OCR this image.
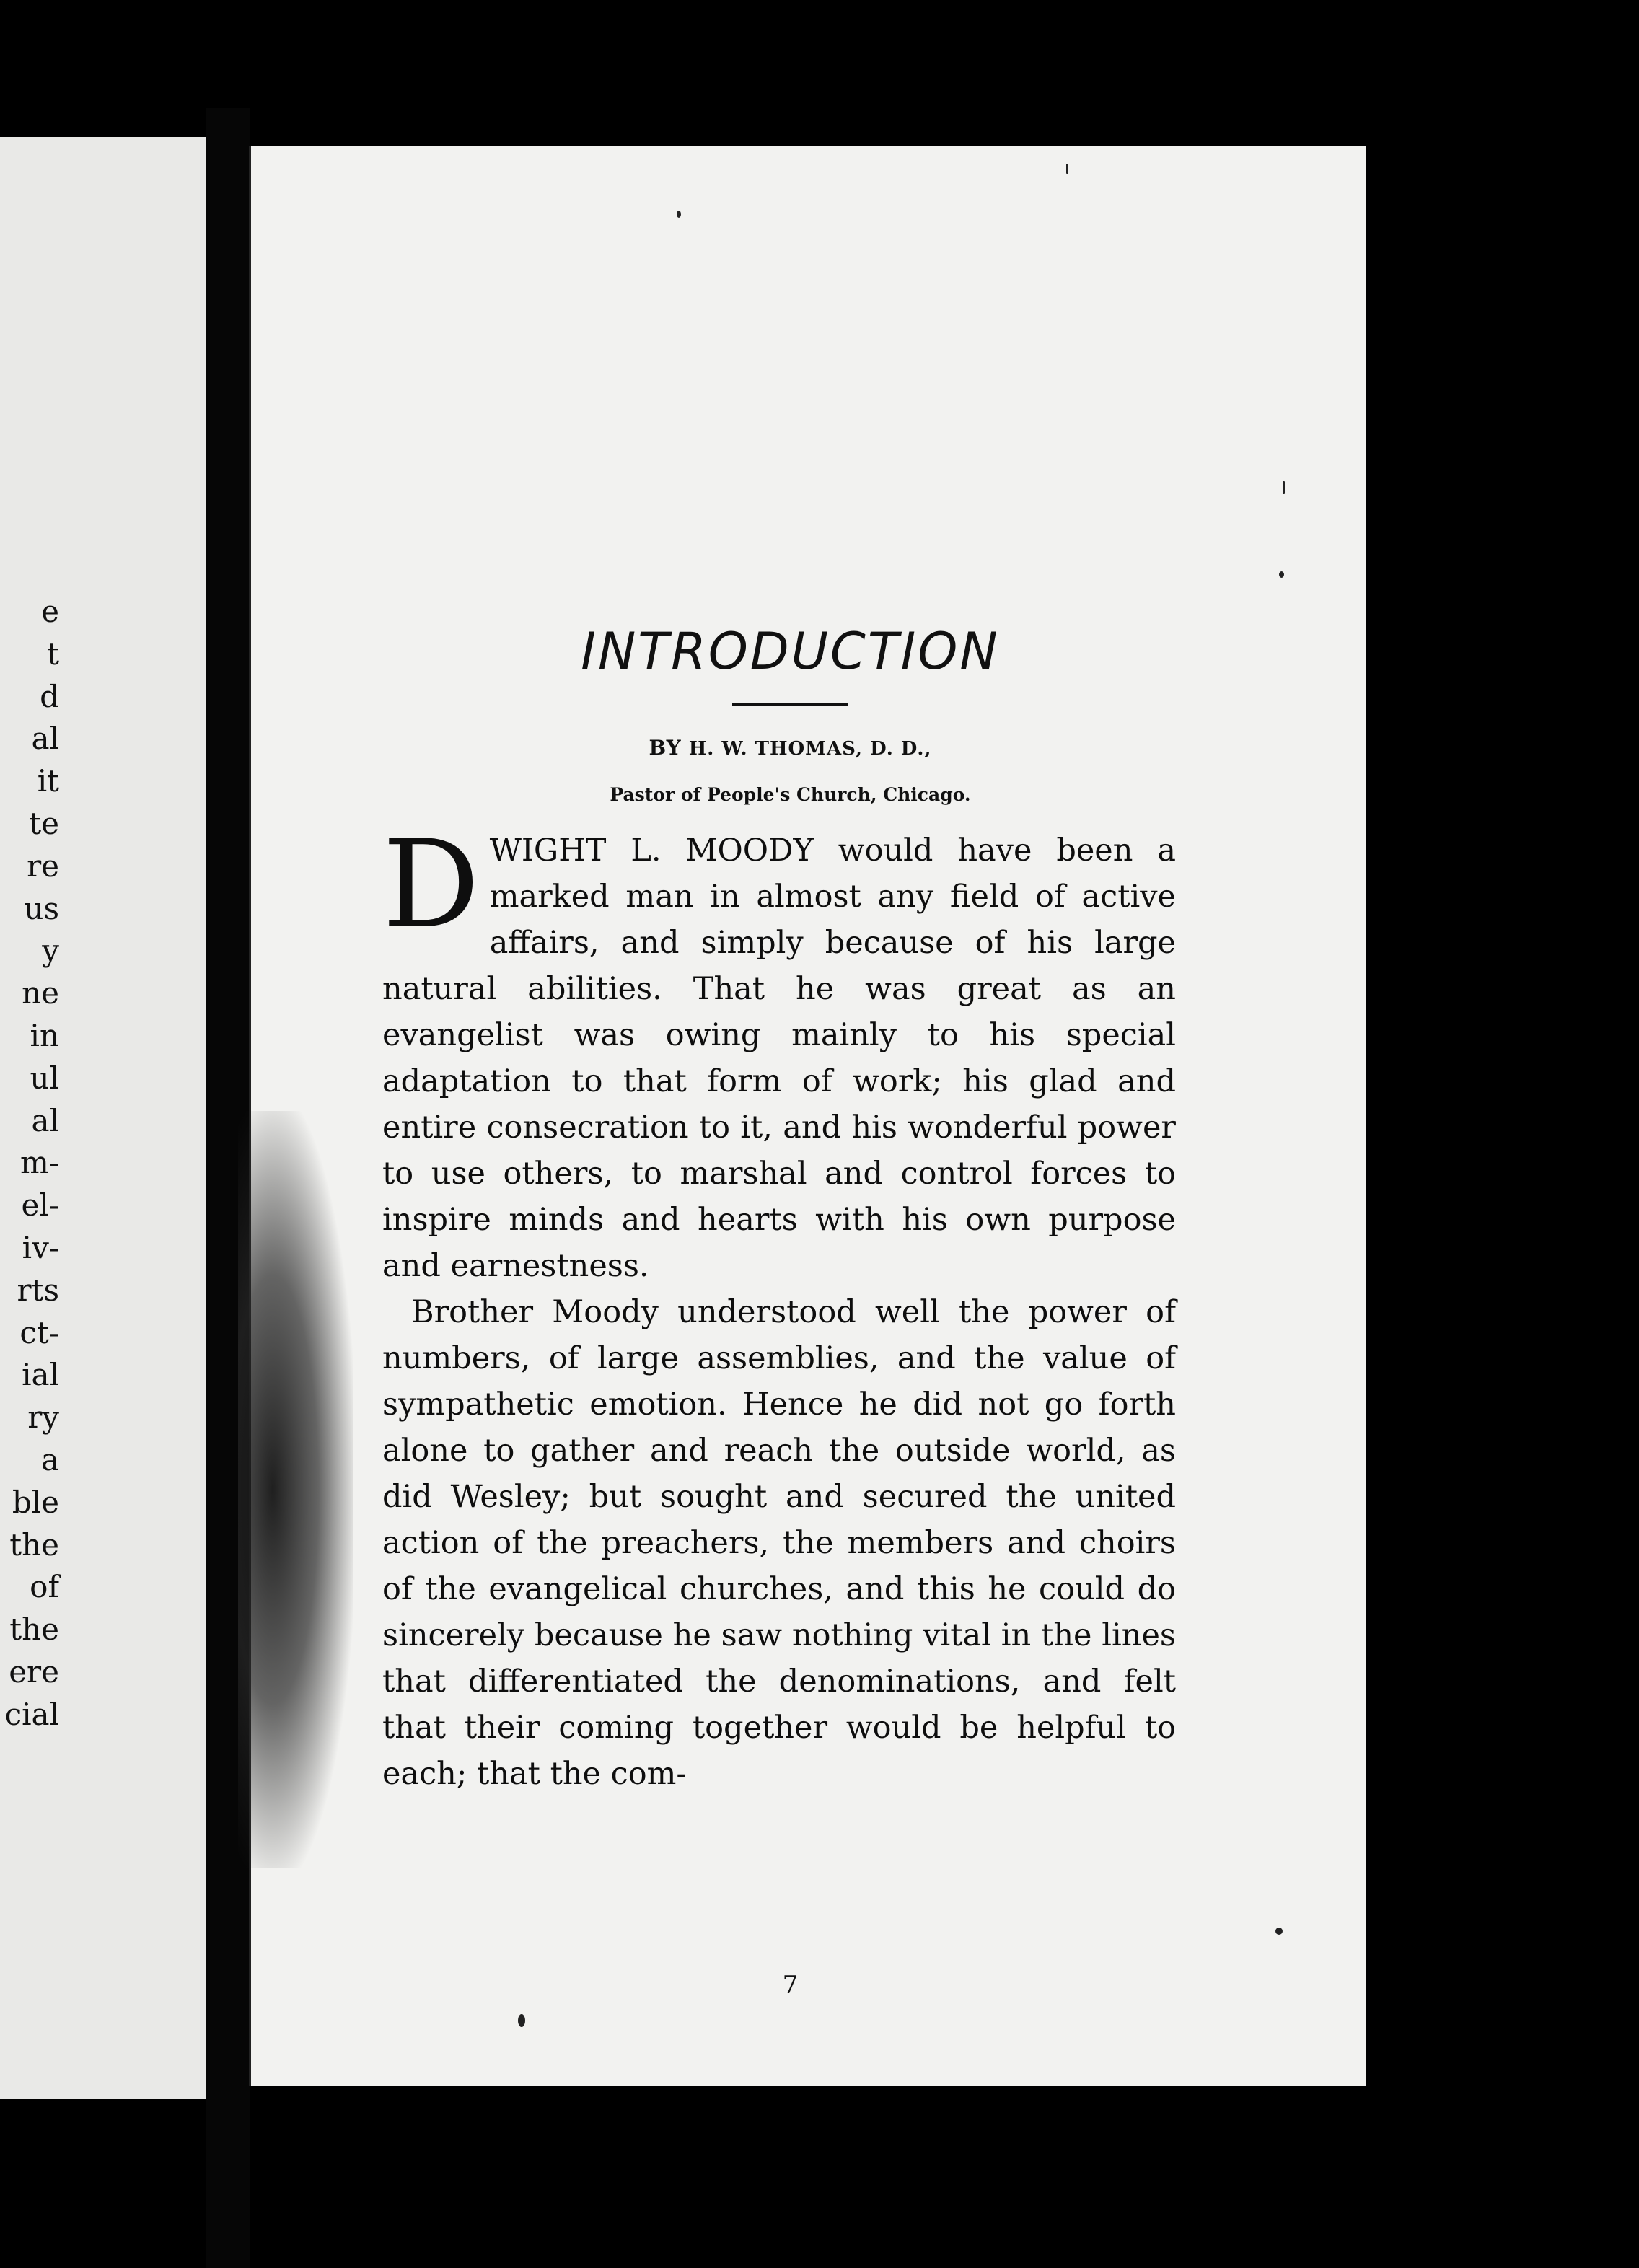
e
t
d
al
it
te
re
us
y
ne
in
ul
al
m-
el-
iv-
rts
ct-
ial
ry
a
ble
the
of
the
ere
cial
INTRODUCTION
BY H. W. THOMAS, D. D.,
Pastor of People's Church, Chicago.

DWIGHT L. MOODY would have been a marked man in almost any field of active affairs, and simply because of his large natural abilities. That he was great as an evangelist was owing mainly to his special adaptation to that form of work; his glad and entire consecration to it, and his wonderful power to use others, to marshal and control forces to inspire minds and hearts with his own purpose and earnestness.

Brother Moody understood well the power of numbers, of large assemblies, and the value of sympathetic emotion. Hence he did not go forth alone to gather and reach the outside world, as did Wesley; but sought and secured the united action of the preachers, the members and choirs of the evangelical churches, and this he could do sincerely because he saw nothing vital in the lines that differentiated the denominations, and felt that their coming together would be helpful to each; that the com-

7
